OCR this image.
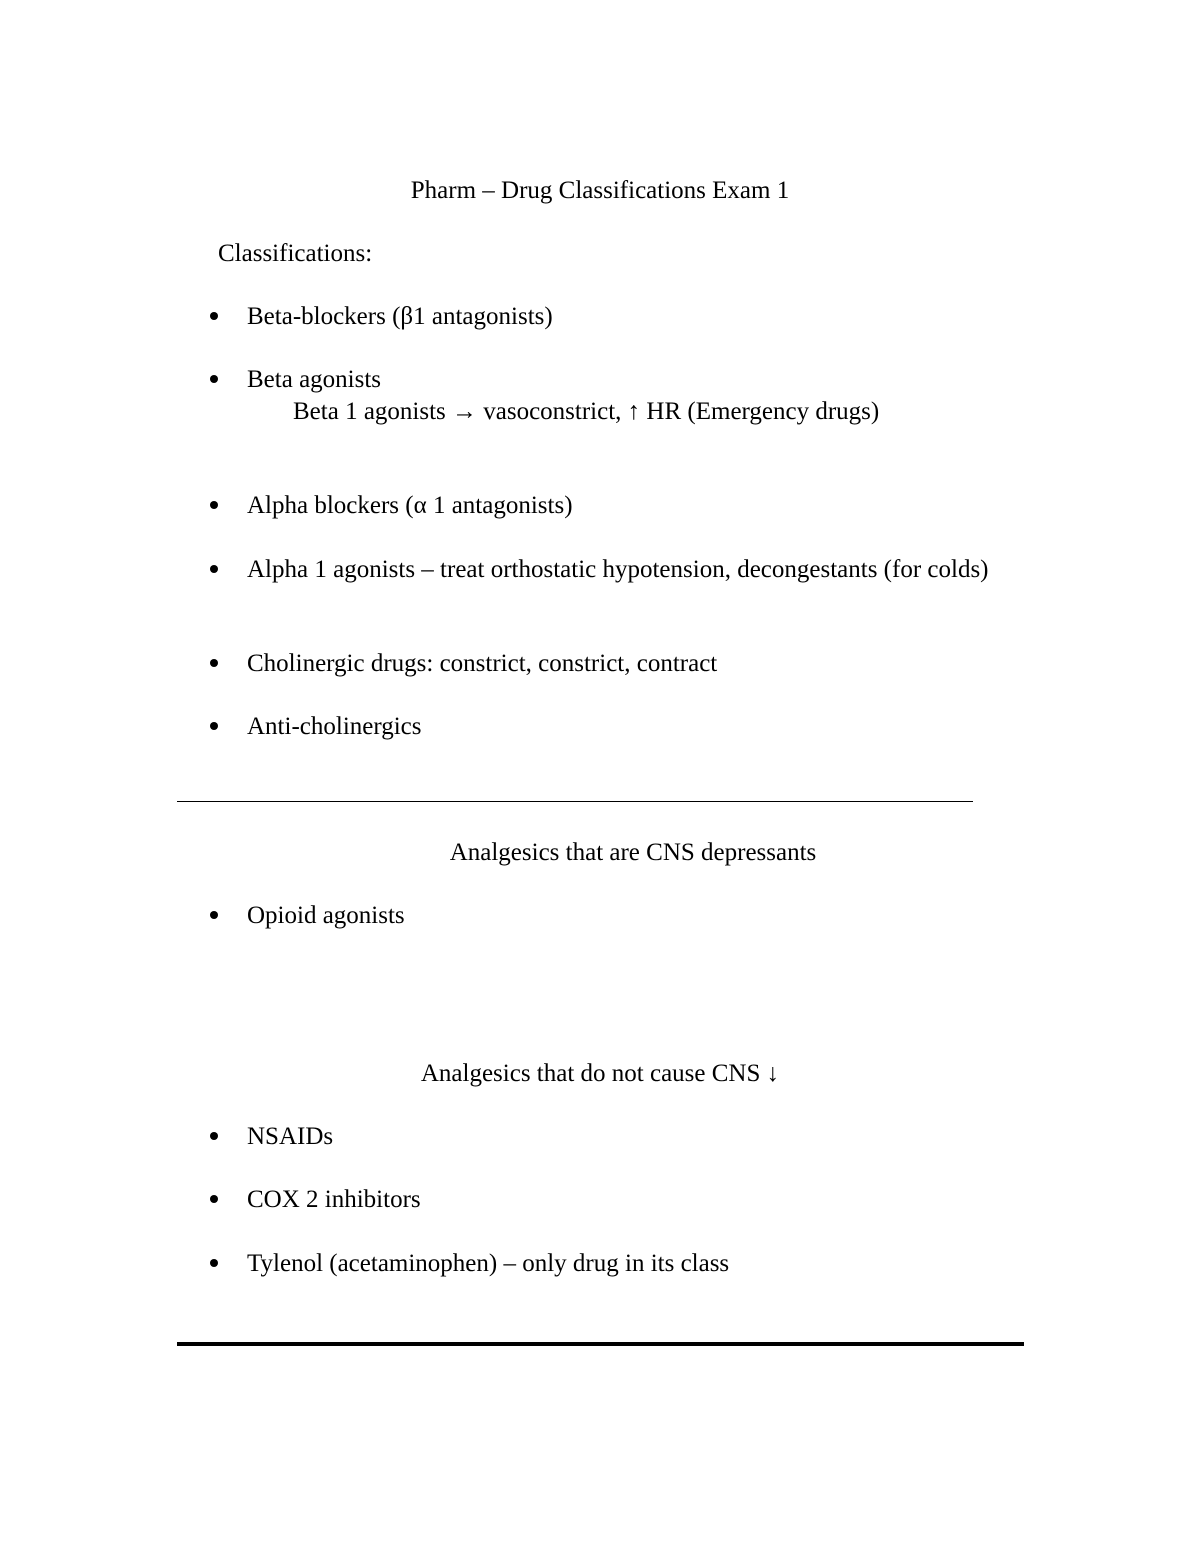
Pharm – Drug Classifications Exam 1
Classifications:
Beta-blockers (β1 antagonists)
Beta agonists
Beta 1 agonists → vasoconstrict, ↑ HR (Emergency drugs)
Alpha blockers (α 1 antagonists)
Alpha 1 agonists – treat orthostatic hypotension, decongestants (for colds)
Cholinergic drugs: constrict, constrict, contract
Anti-cholinergics
Analgesics that are CNS depressants
Opioid agonists
Analgesics that do not cause CNS ↓
NSAIDs
COX 2 inhibitors
Tylenol (acetaminophen) – only drug in its class
